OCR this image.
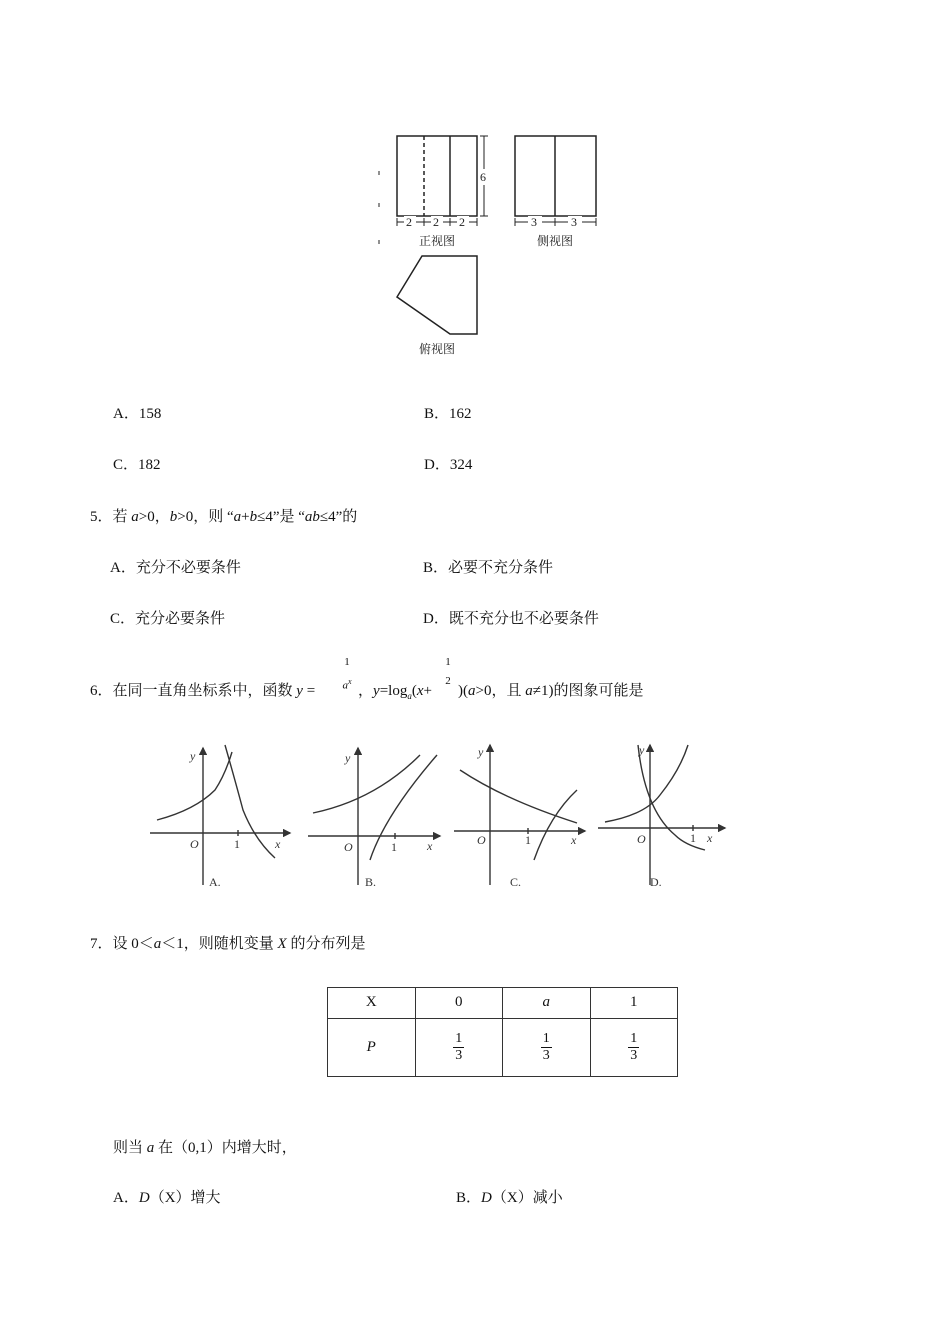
6
2 2 2	3	3
正视图	侧视图
俯视图
A．158	B．162
C．182	D．324
5．若 a>0，b>0，则 “a+b≤4”是 “ab≤4”的
A．充分不必要条件	B．必要不充分条件
C．充分必要条件	D．既不充分也不必要条件
6．在同一直角坐标系中，函数 y =
1
$a^x$
，$y=\log_a(x+$
1
2
)(a>0，且 a≠1)的图象可能是
y
x
O	1
A.
y
x
O	1
B.
y
x
O	1
C.
y
x
O	1
D.
7．设 0＜a＜1，则随机变量 X 的分布列是
X	0	a	1
P	$\frac{1}{3}$	$\frac{1}{3}$	$\frac{1}{3}$
则当 a 在（0,1）内增大时，
A．D（X）增大	B．D（X）减小
